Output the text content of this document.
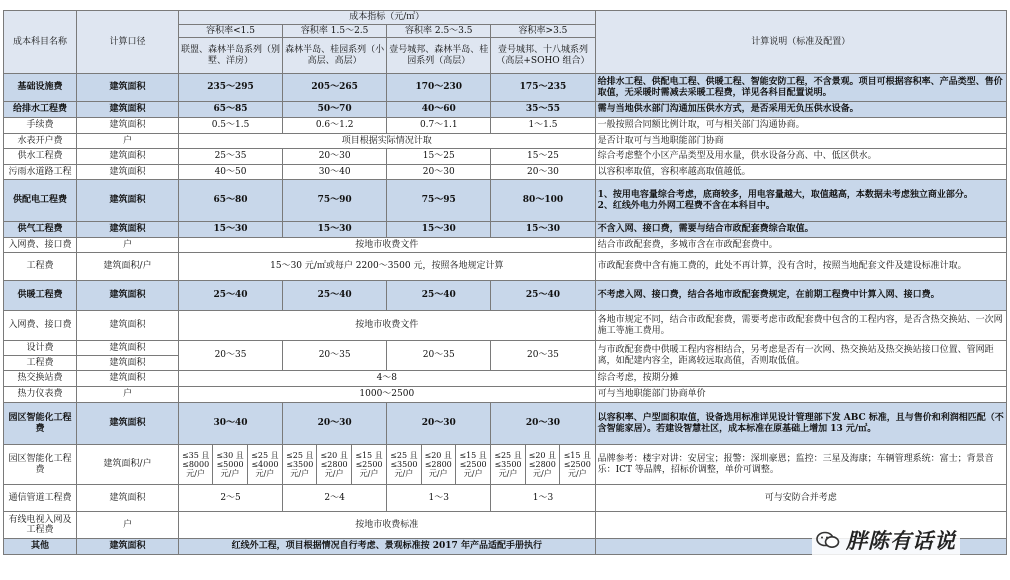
成本科目名称	计算口径	成本指标（元/㎡）												计算说明（标准及配置）
		容积率<1.5			容积率 1.5～2.5			容积率 2.5～3.5			容积率>3.5			
		联盟、森林半岛系列（别墅、洋房）			森林半岛、桂园系列（小高层、高层）			壹号城邦、森林半岛、桂园系列（高层）			壹号城邦、十八城系列（高层+SOHO 组合）			
基础设施费	建筑面积	235～295			205～265			170～230			175～235			给排水工程、供配电工程、供暖工程、智能安防工程，不含景观。项目可根据容积率、产品类型、售价取值，无采暖时需减去采暖工程费，详见各科目配置说明。
给排水工程费	建筑面积	65～85			50～70			40～60			35～55			需与当地供水部门沟通加压供水方式，是否采用无负压供水设备。
手续费	建筑面积	0.5～1.5			0.6～1.2			0.7～1.1			1～1.5			一般按照合同额比例计取，可与相关部门沟通协商。
水表开户费	户	项目根据实际情况计取												是否计取可与当地职能部门协商
供水工程费	建筑面积	25～35			20～30			15～25			15～25			综合考虑整个小区产品类型及用水量，供水设备分高、中、低区供水。
污雨水道路工程	建筑面积	40～50			30～40			20～30			20～30			以容积率取值，容积率越高取值越低。
供配电工程费	建筑面积	65～80			75～90			75～95			80～100			1、按用电容量综合考虑，底商较多，用电容量越大，取值越高，本数据未考虑独立商业部分。
2、红线外电力外网工程费不含在本科目中。

供气工程费	建筑面积	15～30			15～30			15～30			15～30			不含入网、接口费，需要与结合市政配套费综合取值。
入网费、接口费	户	按地市收费文件												结合市政配套费，多城市含在市政配套费中。
工程费	建筑面积/户	15～30 元/㎡或每户 2200～3500 元，按照各地规定计算												市政配套费中含有施工费的，此处不再计算，没有含时，按照当地配套文件及建设标准计取。
供暖工程费	建筑面积	25～40			25～40			25～40			25～40			不考虑入网、接口费，结合各地市政配套费规定，在前期工程费中计算入网、接口费。
入网费、接口费	建筑面积	按地市收费文件												各地市规定不同，结合市政配套费，需要考虑市政配套费中包含的工程内容，是否含热交换站、一次网施工等施工费用。
设计费	建筑面积	20～35			20～35			20～35			20～35			与市政配套费中供暖工程内容相结合，另考虑是否有一次网、热交换站及热交换站接口位置、管网距离，如配建内容全，距离较远取高值，否则取低值。
工程费	建筑面积													
热交换站费	建筑面积	4～8												综合考虑，按期分摊
热力仪表费	户	1000～2500												可与当地职能部门协商单价
园区智能化工程费	建筑面积	30～40			20～30			20～30			20～30			以容积率、户型面积取值，设备选用标准详见设计管理部下发 ABC 标准，且与售价和利润相匹配（不含智能家居）。若建设智慧社区，成本标准在原基础上增加 13 元/㎡。
园区智能化工程费	建筑面积/户	≤35 且≤8000 元/户	≤30 且≤5000 元/户	≤25 且≤4000 元/户	≤25 且≤3500 元/户	≤20 且≤2800 元/户	≤15 且≤2500 元/户	≤25 且≤3500 元/户	≤20 且≤2800 元/户	≤15 且≤2500 元/户	≤25 且≤3500 元/户	≤20 且≤2800 元/户	≤15 且≤2500 元/户	品牌参考：楼宇对讲：安居宝；报警：深圳豪恩；监控：三星及海康；车辆管理系统：富士；背景音乐：ICT 等品牌，招标价调整，单价可调整。
通信管道工程费	建筑面积	2～5			2～4			1～3			1～3			可与安防合并考虑
有线电视入网及工程费	户	按地市收费标准												
其他	建筑面积	红线外工程，项目根据情况自行考虑、景观标准按 2017 年产品适配手册执行													胖陈有话说
